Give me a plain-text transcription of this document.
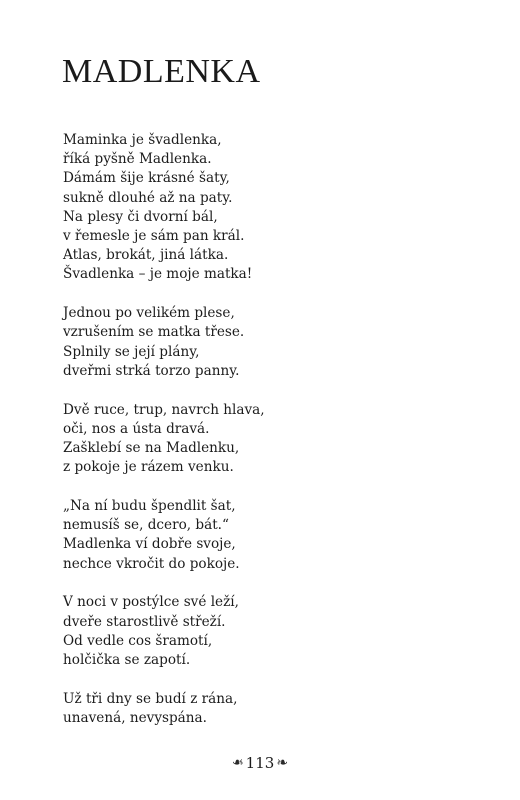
MADLENKA

Maminka je švadlenka,
říká pyšně Madlenka.
Dámám šije krásné šaty,
sukně dlouhé až na paty.
Na plesy či dvorní bál,
v řemesle je sám pan král.
Atlas, brokát, jiná látka.
Švadlenka – je moje matka!

Jednou po velikém plese,
vzrušením se matka třese.
Splnily se její plány,
dveřmi strká torzo panny.

Dvě ruce, trup, navrch hlava,
oči, nos a ústa dravá.
Zašklebí se na Madlenku,
z pokoje je rázem venku.

„Na ní budu špendlit šat,
nemusíš se, dcero, bát.“
Madlenka ví dobře svoje,
nechce vkročit do pokoje.

V noci v postýlce své leží,
dveře starostlivě střeží.
Od vedle cos šramotí,
holčička se zapotí.

Už tři dny se budí z rána,
unavená, nevyspána.

❧ 113 ❧
